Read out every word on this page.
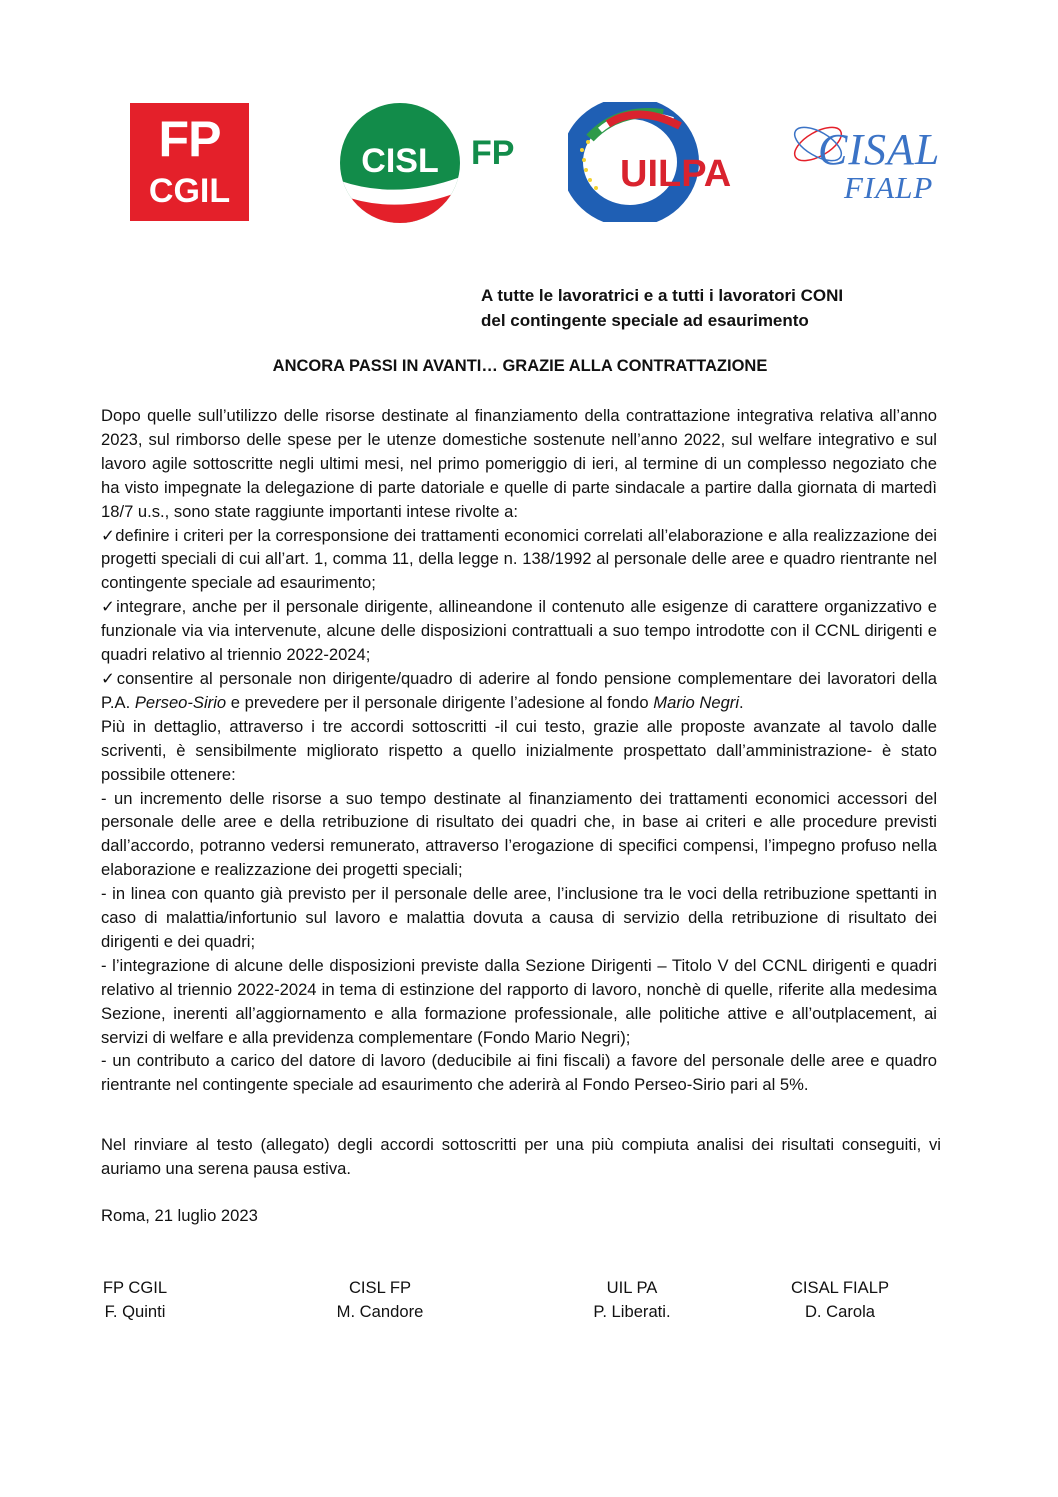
FP
CGIL
CISL FP	UILPA CISAL
FIALP
A tutte le lavoratrici e a tutti i lavoratori CONI
del contingente speciale ad esaurimento
ANCORA PASSI IN AVANTI… GRAZIE ALLA CONTRATTAZIONE

Dopo quelle sull’utilizzo delle risorse destinate al finanziamento della contrattazione integrativa relativa all’anno 2023, sul rimborso delle spese per le utenze domestiche sostenute nell’anno 2022, sul welfare integrativo e sul lavoro agile sottoscritte negli ultimi mesi, nel primo pomeriggio di ieri, al termine di un complesso negoziato che ha visto impegnate la delegazione di parte datoriale e quelle di parte sindacale a partire dalla giornata di martedì 18/7 u.s., sono state raggiunte importanti intese rivolte a:

✓definire i criteri per la corresponsione dei trattamenti economici correlati all’elaborazione e alla realizzazione dei progetti speciali di cui all’art. 1, comma 11, della legge n. 138/1992 al personale delle aree e quadro rientrante nel contingente speciale ad esaurimento;

✓integrare, anche per il personale dirigente, allineandone il contenuto alle esigenze di carattere organizzativo e funzionale via via intervenute, alcune delle disposizioni contrattuali a suo tempo introdotte con il CCNL dirigenti e quadri relativo al triennio 2022-2024;

✓consentire al personale non dirigente/quadro di aderire al fondo pensione complementare dei lavoratori della P.A. Perseo-Sirio e prevedere per il personale dirigente l’adesione al fondo Mario Negri.

Più in dettaglio, attraverso i tre accordi sottoscritti -il cui testo, grazie alle proposte avanzate al tavolo dalle scriventi, è sensibilmente migliorato rispetto a quello inizialmente prospettato dall’amministrazione- è stato possibile ottenere:

- un incremento delle risorse a suo tempo destinate al finanziamento dei trattamenti economici accessori del personale delle aree e della retribuzione di risultato dei quadri che, in base ai criteri e alle procedure previsti dall’accordo, potranno vedersi remunerato, attraverso l’erogazione di specifici compensi, l’impegno profuso nella elaborazione e realizzazione dei progetti speciali;

- in linea con quanto già previsto per il personale delle aree, l’inclusione tra le voci della retribuzione spettanti in caso di malattia/infortunio sul lavoro e malattia dovuta a causa di servizio della retribuzione di risultato dei dirigenti e dei quadri;

- l’integrazione di alcune delle disposizioni previste dalla Sezione Dirigenti – Titolo V del CCNL dirigenti e quadri relativo al triennio 2022-2024 in tema di estinzione del rapporto di lavoro, nonchè di quelle, riferite alla medesima Sezione, inerenti all’aggiornamento e alla formazione professionale, alle politiche attive e all’outplacement, ai servizi di welfare e alla previdenza complementare (Fondo Mario Negri);

- un contributo a carico del datore di lavoro (deducibile ai fini fiscali) a favore del personale delle aree e quadro rientrante nel contingente speciale ad esaurimento che aderirà al Fondo Perseo-Sirio pari al 5%.

Nel rinviare al testo (allegato) degli accordi sottoscritti per una più compiuta analisi dei risultati conseguiti, vi auriamo una serena pausa estiva.
Roma, 21 luglio 2023
FP CGIL
F. Quinti
CISL FP
M. Candore
UIL PA
P. Liberati.
CISAL FIALP
D. Carola
